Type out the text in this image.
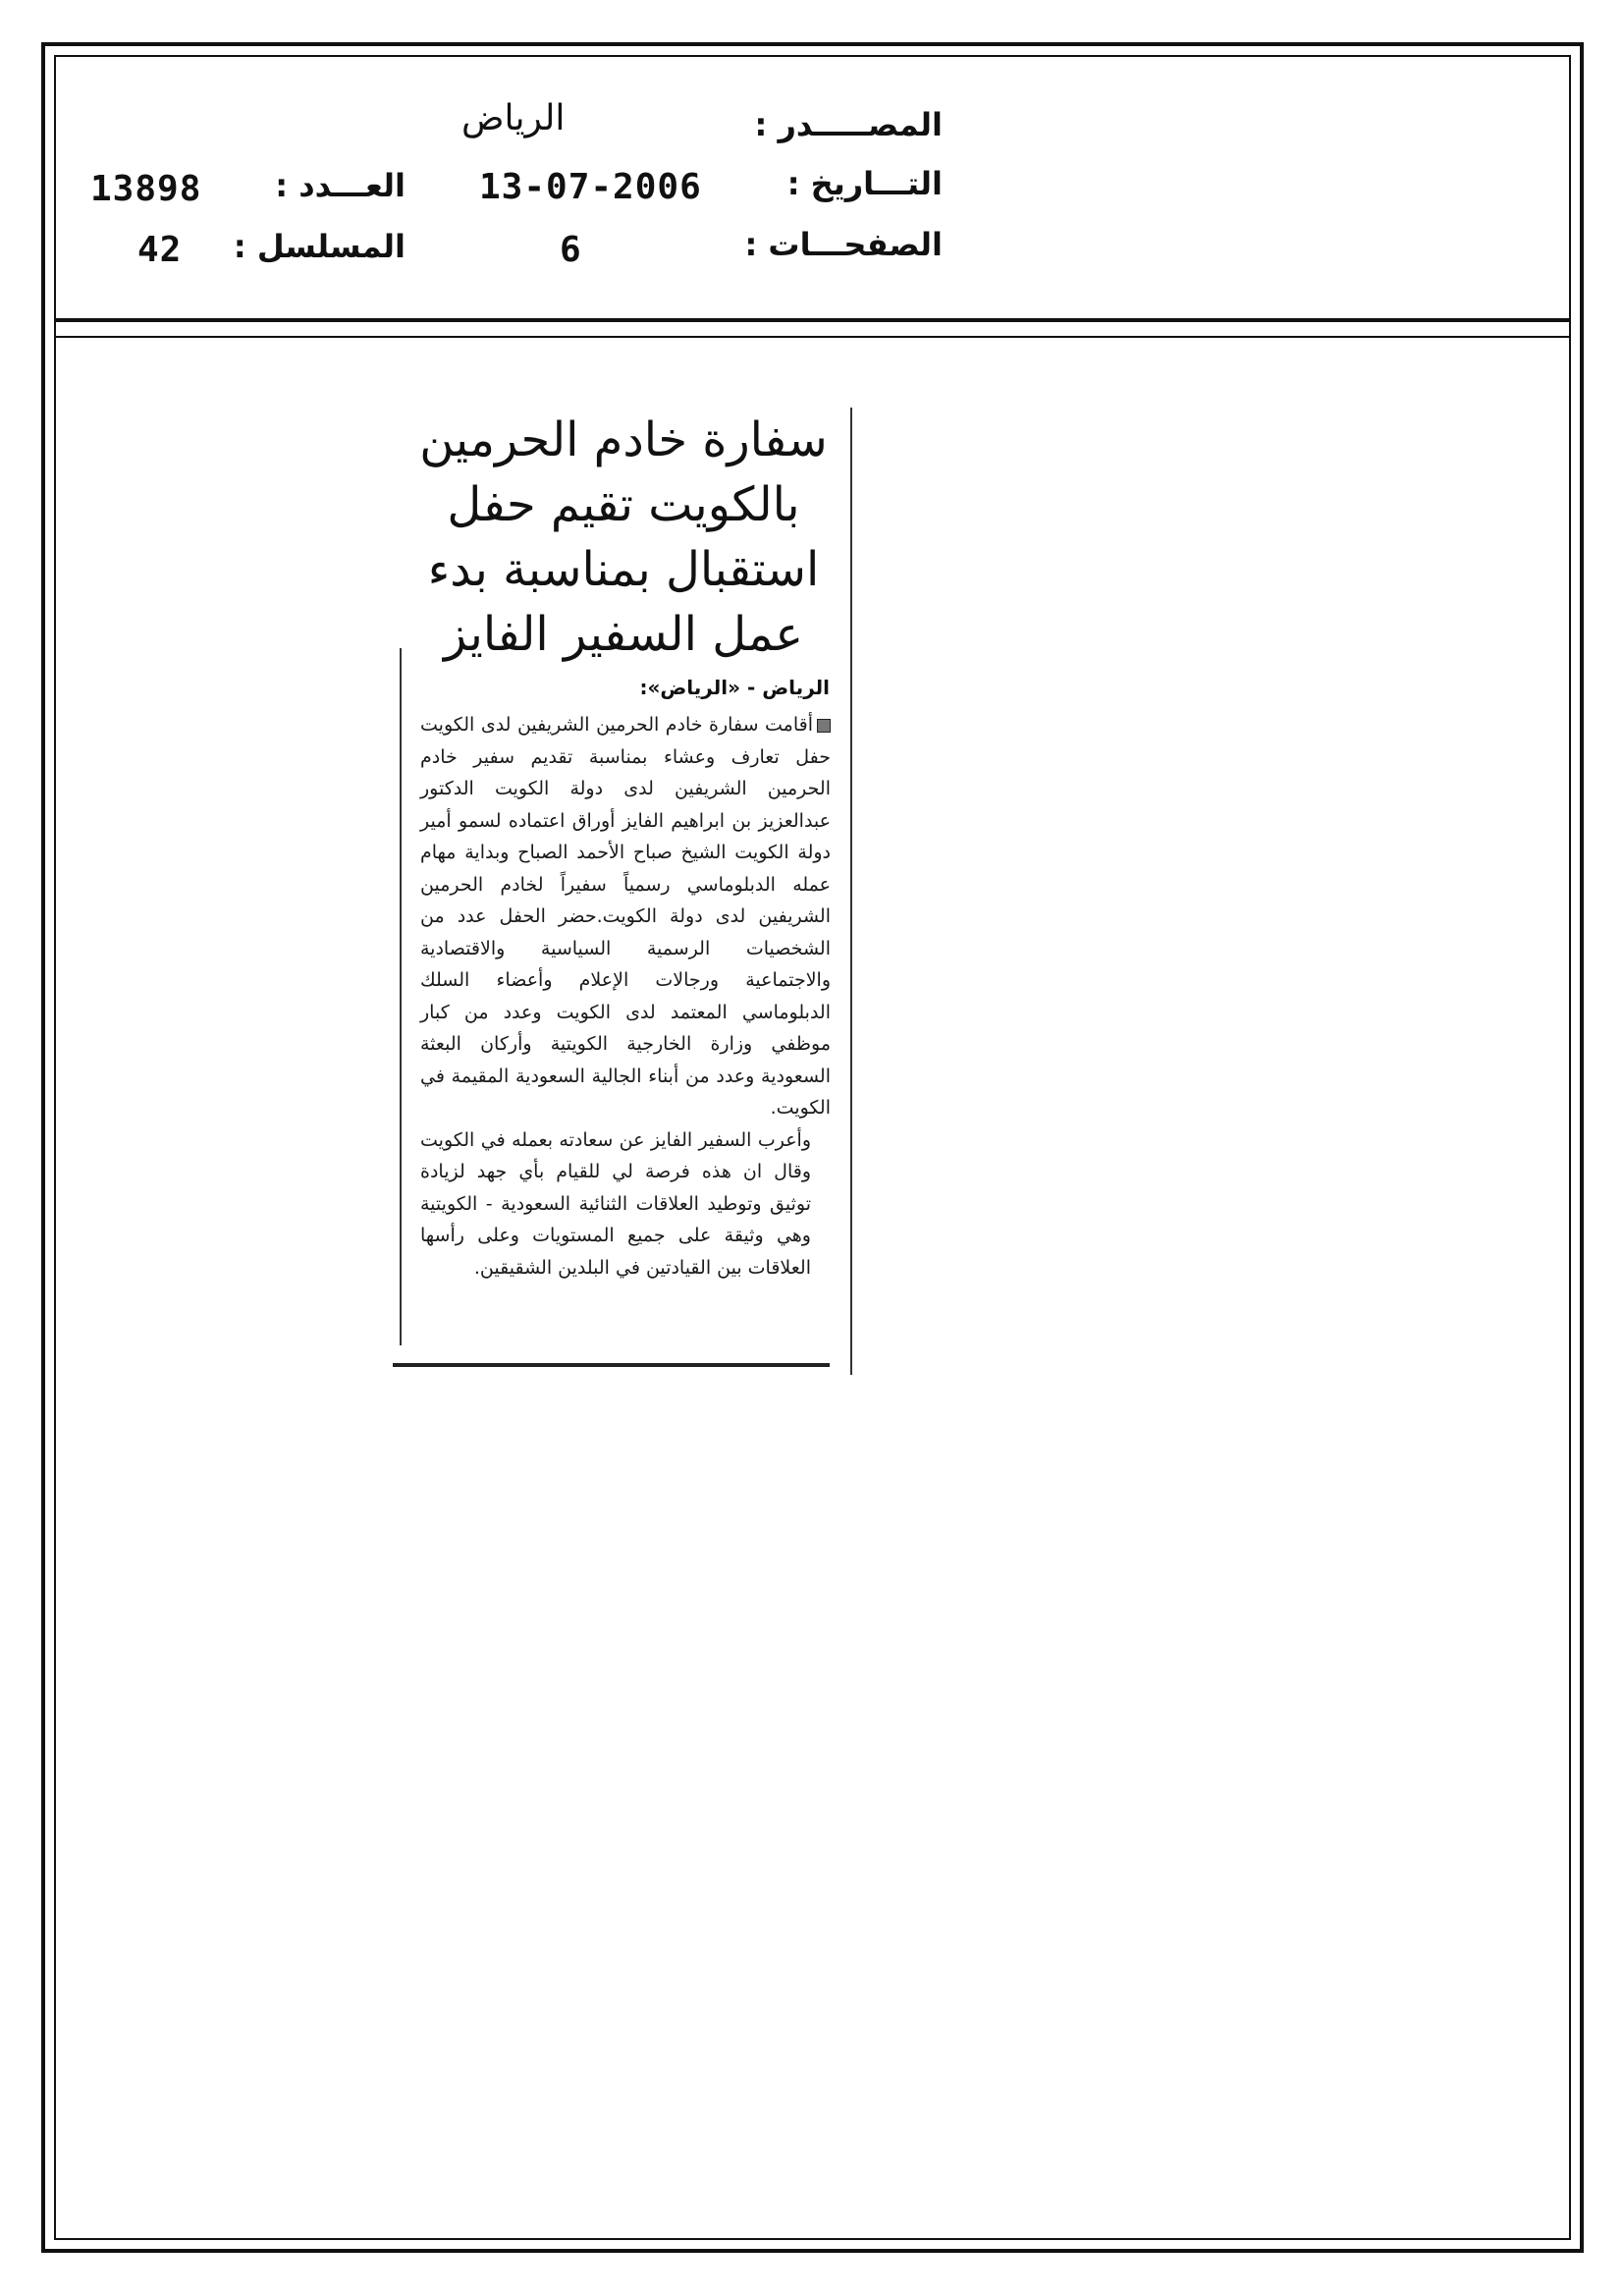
المصـــــدر :
الرياض
التـــاريخ :
13-07-2006
الصفحـــات :
6
العـــدد :
13898
المسلسل :
42
سفارة خادم الحرمين
بالكويت تقيم حفل
استقبال بمناسبة بدء
عمل السفير الفايز
الرياض - «الرياض»:

أقامت سفارة خادم الحرمين الشريفين لدى الكويت حفل تعارف وعشاء بمناسبة تقديم سفير خادم الحرمين الشريفين لدى دولة الكويت الدكتور عبدالعزيز بن ابراهيم الفايز أوراق اعتماده لسمو أمير دولة الكويت الشيخ صباح الأحمد الصباح وبداية مهام عمله الدبلوماسي رسمياً سفيراً لخادم الحرمين الشريفين لدى دولة الكويت.حضر الحفل عدد من الشخصيات الرسمية السياسية والاقتصادية والاجتماعية ورجالات الإعلام وأعضاء السلك الدبلوماسي المعتمد لدى الكويت وعدد من كبار موظفي وزارة الخارجية الكويتية وأركان البعثة السعودية وعدد من أبناء الجالية السعودية المقيمة في الكويت.

وأعرب السفير الفايز عن سعادته بعمله في الكويت وقال ان هذه فرصة لي للقيام بأي جهد لزيادة توثيق وتوطيد العلاقات الثنائية السعودية - الكويتية وهي وثيقة على جميع المستويات وعلى رأسها العلاقات بين القيادتين في البلدين الشقيقين.
